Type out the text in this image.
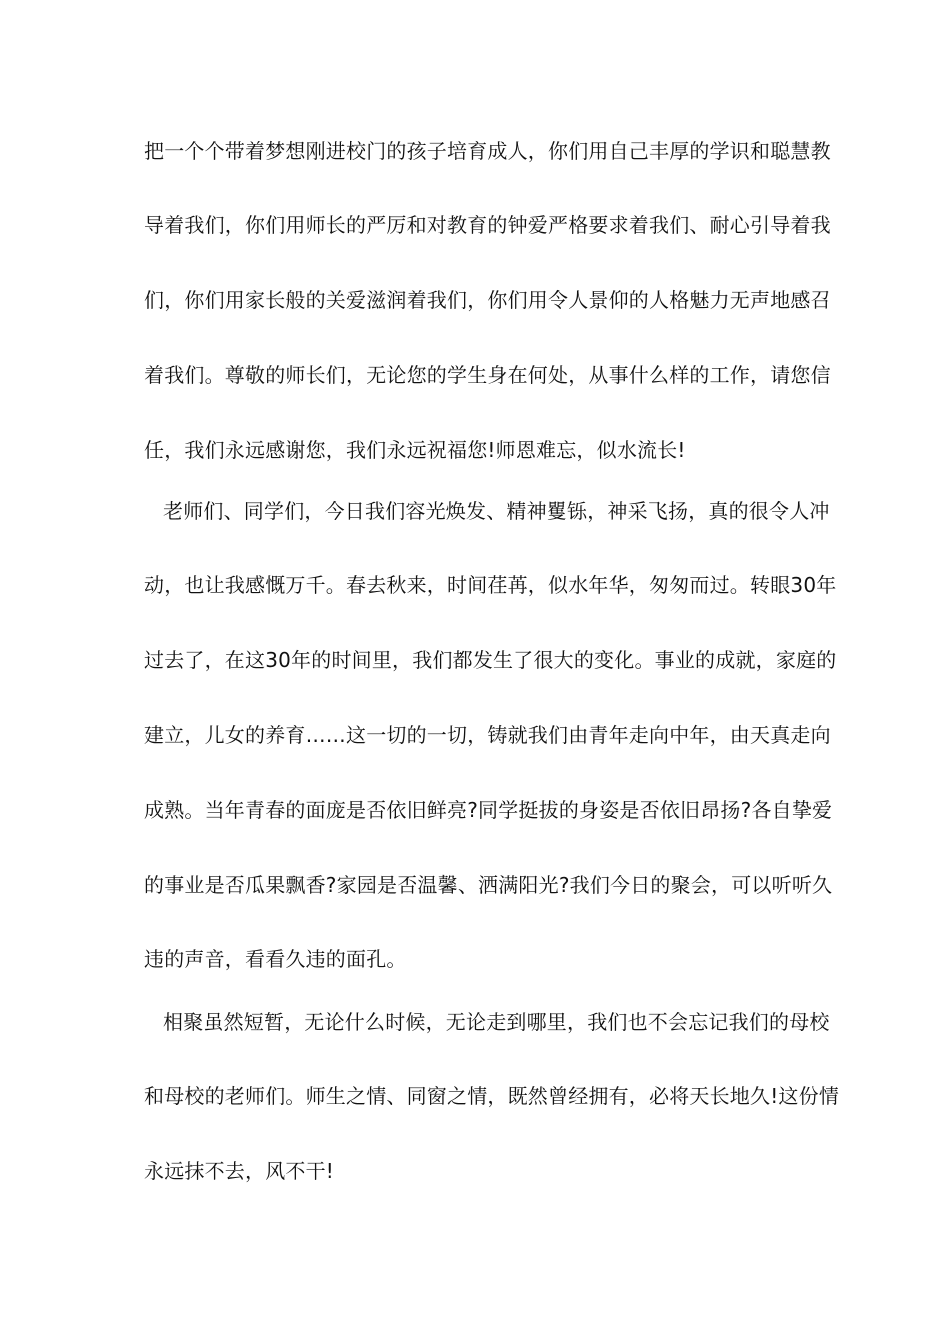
把一个个带着梦想刚进校门的孩子培育成人，你们用自己丰厚的学识和聪慧教
导着我们，你们用师长的严厉和对教育的钟爱严格要求着我们、耐心引导着我
们，你们用家长般的关爱滋润着我们，你们用令人景仰的人格魅力无声地感召
着我们。尊敬的师长们，无论您的学生身在何处，从事什么样的工作，请您信
任，我们永远感谢您，我们永远祝福您!师恩难忘，似水流长!
老师们、同学们，今日我们容光焕发、精神矍铄，神采飞扬，真的很令人冲
动，也让我感慨万千。春去秋来，时间荏苒，似水年华，匆匆而过。转眼30年
过去了，在这30年的时间里，我们都发生了很大的变化。事业的成就，家庭的
建立，儿女的养育……这一切的一切，铸就我们由青年走向中年，由天真走向
成熟。当年青春的面庞是否依旧鲜亮?同学挺拔的身姿是否依旧昂扬?各自挚爱
的事业是否瓜果飘香?家园是否温馨、洒满阳光?我们今日的聚会，可以听听久
违的声音，看看久违的面孔。
相聚虽然短暂，无论什么时候，无论走到哪里，我们也不会忘记我们的母校
和母校的老师们。师生之情、同窗之情，既然曾经拥有，必将天长地久!这份情
永远抹不去，风不干!
